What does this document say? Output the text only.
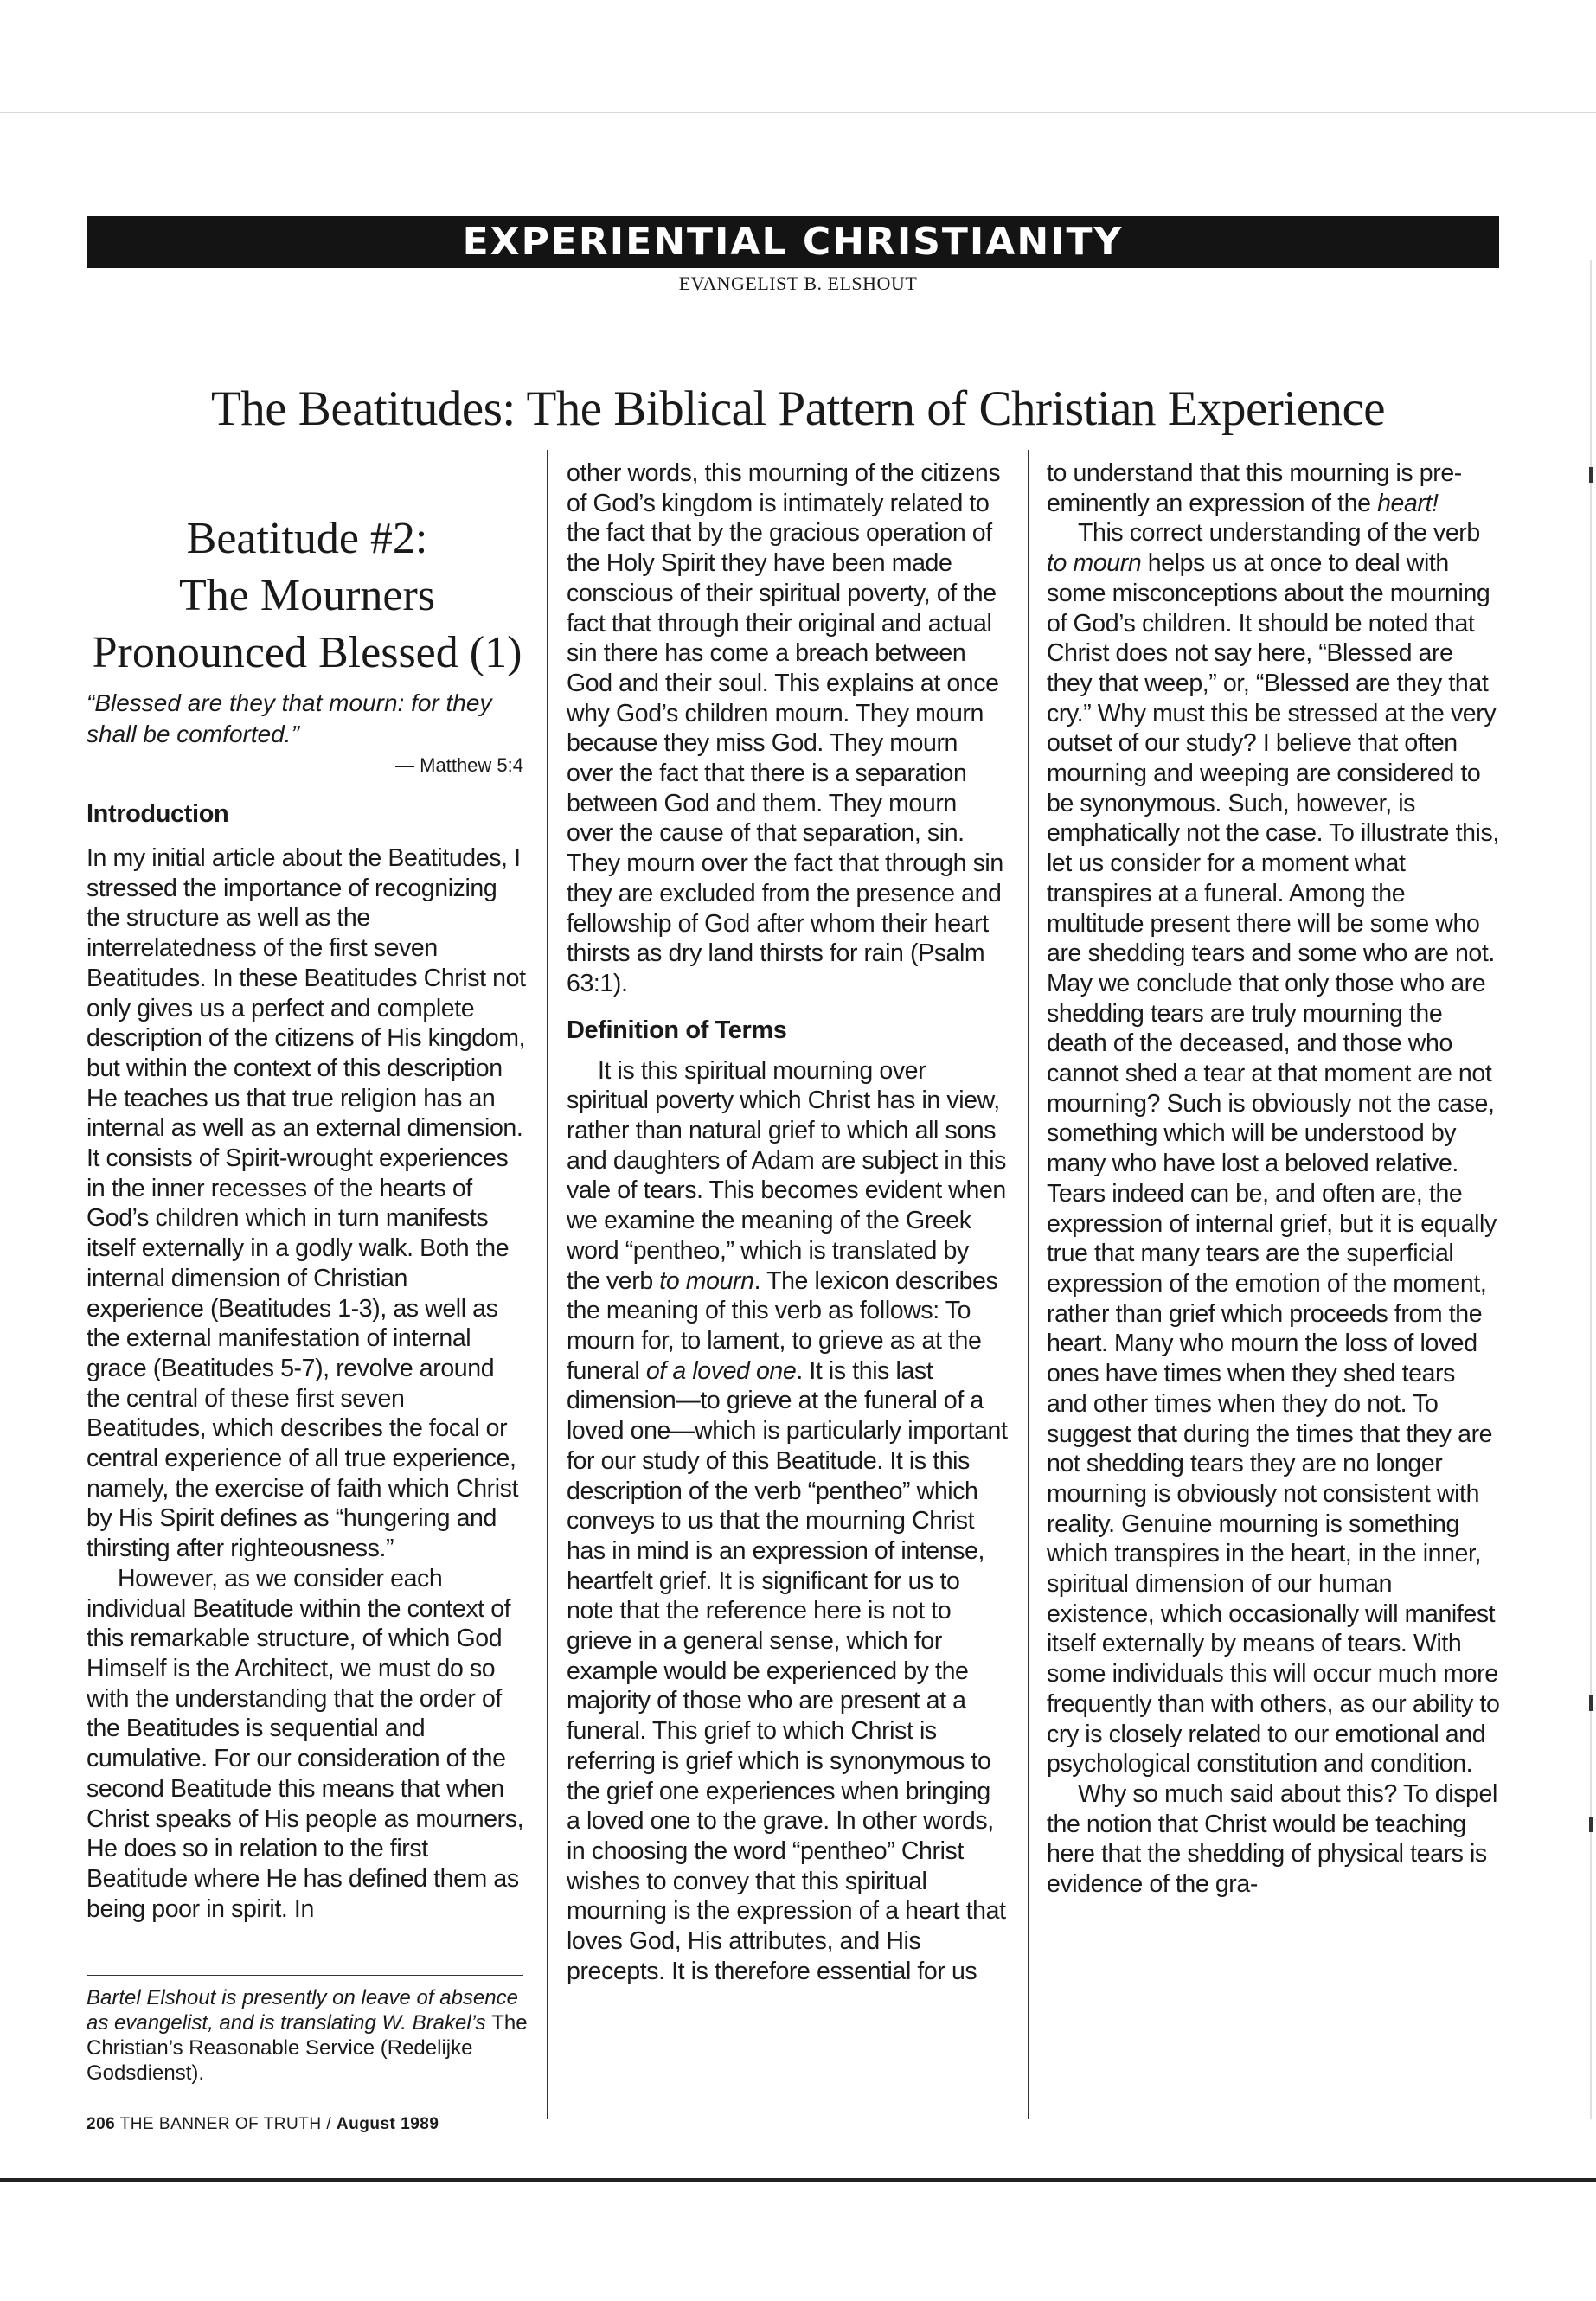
EXPERIENTIAL CHRISTIANITY
EVANGELIST B. ELSHOUT
The Beatitudes: The Biblical Pattern of Christian Experience
Beatitude #2:
The Mourners
Pronounced Blessed (1)
“Blessed are they that mourn: for they shall be comforted.”
— Matthew 5:4
Introduction

In my initial article about the Beatitudes, I stressed the importance of recognizing the structure as well as the interrelatedness of the first seven Beatitudes. In these Beatitudes Christ not only gives us a perfect and complete description of the citizens of His kingdom, but within the context of this description He teaches us that true religion has an internal as well as an external dimension. It consists of Spirit-wrought experiences in the inner recesses of the hearts of God’s children which in turn manifests itself externally in a godly walk. Both the internal dimension of Christian experience (Beatitudes 1-3), as well as the external manifestation of internal grace (Beatitudes 5-7), revolve around the central of these first seven Beatitudes, which describes the focal or central experience of all true experience, namely, the exercise of faith which Christ by His Spirit defines as “hungering and thirsting after righteousness.”

However, as we consider each individual Beatitude within the context of this remarkable structure, of which God Himself is the Architect, we must do so with the understanding that the order of the Beatitudes is sequential and cumulative. For our consideration of the second Beatitude this means that when Christ speaks of His people as mourners, He does so in relation to the first Beatitude where He has defined them as being poor in spirit. In

other words, this mourning of the citizens of God’s kingdom is intimately related to the fact that by the gracious operation of the Holy Spirit they have been made conscious of their spiritual poverty, of the fact that through their original and actual sin there has come a breach between God and their soul. This explains at once why God’s children mourn. They mourn because they miss God. They mourn over the fact that there is a separation between God and them. They mourn over the cause of that separation, sin. They mourn over the fact that through sin they are excluded from the presence and fellowship of God after whom their heart thirsts as dry land thirsts for rain (Psalm 63:1).

Definition of Terms

It is this spiritual mourning over spiritual poverty which Christ has in view, rather than natural grief to which all sons and daughters of Adam are subject in this vale of tears. This becomes evident when we examine the meaning of the Greek word “pentheo,” which is translated by the verb to mourn. The lexicon describes the meaning of this verb as follows: To mourn for, to lament, to grieve as at the funeral of a loved one. It is this last dimension—to grieve at the funeral of a loved one—which is particularly important for our study of this Beatitude. It is this description of the verb “pentheo” which conveys to us that the mourning Christ has in mind is an expression of intense, heartfelt grief. It is significant for us to note that the reference here is not to grieve in a general sense, which for example would be experienced by the majority of those who are present at a funeral. This grief to which Christ is referring is grief which is synonymous to the grief one experiences when bringing a loved one to the grave. In other words, in choosing the word “pentheo” Christ wishes to convey that this spiritual mourning is the expression of a heart that loves God, His attributes, and His precepts. It is therefore essential for us

to understand that this mourning is pre-eminently an expression of the heart!

This correct understanding of the verb to mourn helps us at once to deal with some misconceptions about the mourning of God’s children. It should be noted that Christ does not say here, “Blessed are they that weep,” or, “Blessed are they that cry.” Why must this be stressed at the very outset of our study? I believe that often mourning and weeping are considered to be synonymous. Such, however, is emphatically not the case. To illustrate this, let us consider for a moment what transpires at a funeral. Among the multitude present there will be some who are shedding tears and some who are not. May we conclude that only those who are shedding tears are truly mourning the death of the deceased, and those who cannot shed a tear at that moment are not mourning? Such is obviously not the case, something which will be understood by many who have lost a beloved relative. Tears indeed can be, and often are, the expression of internal grief, but it is equally true that many tears are the superficial expression of the emotion of the moment, rather than grief which proceeds from the heart. Many who mourn the loss of loved ones have times when they shed tears and other times when they do not. To suggest that during the times that they are not shedding tears they are no longer mourning is obviously not consistent with reality. Genuine mourning is something which transpires in the heart, in the inner, spiritual dimension of our human existence, which occasionally will manifest itself externally by means of tears. With some individuals this will occur much more frequently than with others, as our ability to cry is closely related to our emotional and psychological constitution and condition.

Why so much said about this? To dispel the notion that Christ would be teaching here that the shedding of physical tears is evidence of the gra-

Bartel Elshout is presently on leave of absence as evangelist, and is translating W. Brakel’s The Christian’s Reasonable Service (Redelijke Godsdienst).
206 THE BANNER OF TRUTH / August 1989
